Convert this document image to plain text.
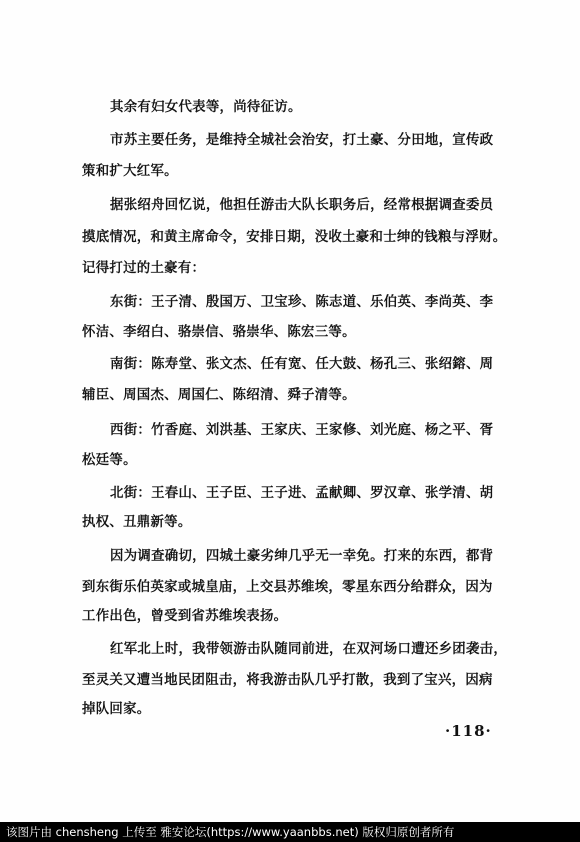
其余有妇女代表等，尚待征访。
市苏主要任务，是维持全城社会治安，打土豪、分田地，宣传政
策和扩大红军。
据张绍舟回忆说，他担任游击大队长职务后，经常根据调查委员
摸底情况，和黄主席命令，安排日期，没收土豪和士绅的钱粮与浮财。
记得打过的土豪有：
东街：王子清、殷国万、卫宝珍、陈志道、乐伯英、李尚英、李
怀洁、李绍白、骆崇信、骆崇华、陈宏三等。
南街：陈寿堂、张文杰、任有宽、任大鼓、杨孔三、张绍鎔、周
辅臣、周国杰、周国仁、陈绍清、舜子清等。
西街：竹香庭、刘洪基、王家庆、王家修、刘光庭、杨之平、胥
松廷等。
北街：王春山、王子臣、王子进、孟献卿、罗汉章、张学清、胡
执权、丑鼎新等。
因为调查确切，四城土豪劣绅几乎无一幸免。打来的东西，都背
到东街乐伯英家或城皇庙，上交县苏维埃，零星东西分给群众，因为
工作出色，曾受到省苏维埃表扬。
红军北上时，我带领游击队随同前进，在双河场口遭还乡团袭击，
至灵关又遭当地民团阻击，将我游击队几乎打散，我到了宝兴，因病
掉队回家。
·118·
该图片由 chensheng 上传至 雅安论坛(https://www.yaanbbs.net) 版权归原创者所有
